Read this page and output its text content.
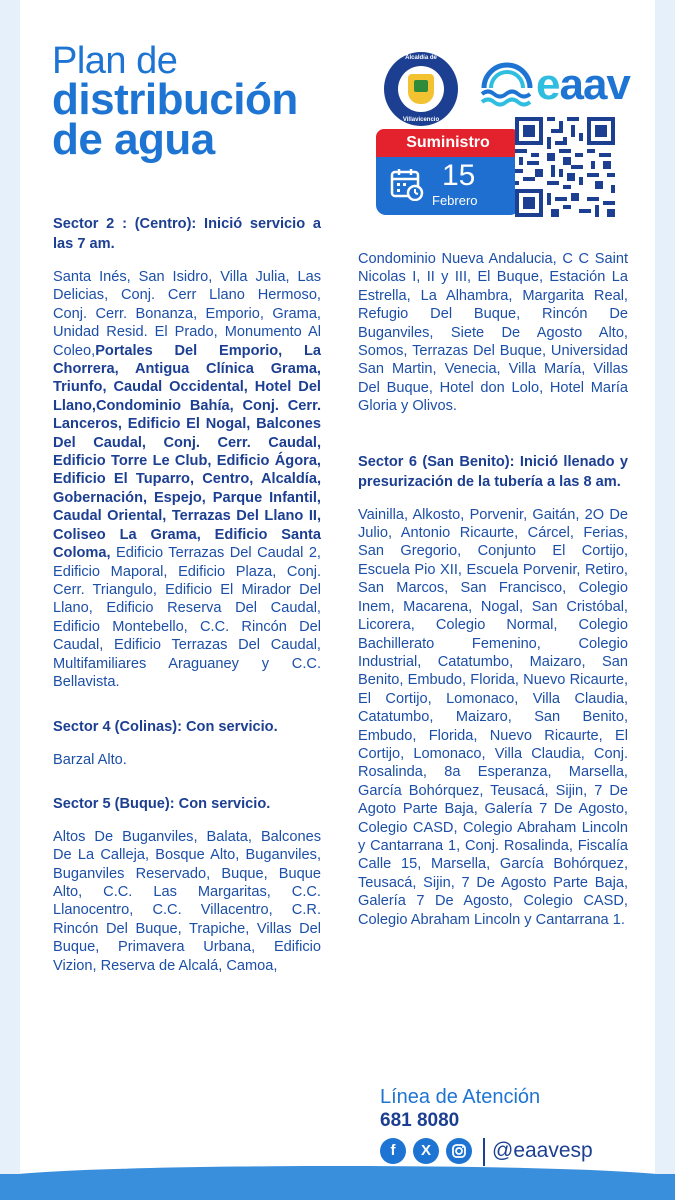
Plan de
distribución
de agua
Alcaldía de
Villavicencio
eaav
Suministro
15
Febrero
Sector 2 : (Centro): Inició servicio a las 7 am.

Santa Inés, San Isidro, Villa Julia, Las Delicias, Conj. Cerr Llano Hermoso, Conj. Cerr. Bonanza, Emporio, Grama, Unidad Resid. El Prado, Monumento Al Coleo,Portales Del Emporio, La Chorrera, Antigua Clínica Grama, Triunfo, Caudal Occidental, Hotel Del Llano,Condominio Bahía, Conj. Cerr. Lanceros, Edificio El Nogal, Balcones Del Caudal, Conj. Cerr. Caudal, Edificio Torre Le Club, Edificio Ágora, Edificio El Tuparro, Centro, Alcaldía, Gobernación, Espejo, Parque Infantil, Caudal Oriental, Terrazas Del Llano II, Coliseo La Grama, Edificio Santa Coloma, Edificio Terrazas Del Caudal 2, Edificio Maporal, Edificio Plaza, Conj. Cerr. Triangulo, Edificio El Mirador Del Llano, Edificio Reserva Del Caudal, Edificio Montebello, C.C. Rincón Del Caudal, Edificio Terrazas Del Caudal, Multifamiliares Araguaney y C.C. Bellavista.

Sector 4 (Colinas): Con servicio.

Barzal Alto.

Sector 5 (Buque): Con servicio.

Altos De Buganviles, Balata, Balcones De La Calleja, Bosque Alto, Buganviles, Buganviles Reservado, Buque, Buque Alto, C.C. Las Margaritas, C.C. Llanocentro, C.C. Villacentro, C.R. Rincón Del Buque, Trapiche, Villas Del Buque, Primavera Urbana, Edificio Vizion, Reserva de Alcalá, Camoa,

Condominio Nueva Andalucia, C C Saint Nicolas I, II y III, El Buque, Estación La Estrella, La Alhambra, Margarita Real, Refugio Del Buque, Rincón De Buganviles, Siete De Agosto Alto, Somos, Terrazas Del Buque, Universidad San Martin, Venecia, Villa María, Villas Del Buque, Hotel don Lolo, Hotel María Gloria y Olivos.

Sector 6 (San Benito): Inició llenado y presurización de la tubería a las 8 am.

Vainilla, Alkosto, Porvenir, Gaitán, 2O De Julio, Antonio Ricaurte, Cárcel, Ferias, San Gregorio, Conjunto El Cortijo, Escuela Pio XII, Escuela Porvenir, Retiro, San Marcos, San Francisco, Colegio Inem, Macarena, Nogal, San Cristóbal, Licorera, Colegio Normal, Colegio Bachillerato Femenino, Colegio Industrial, Catatumbo, Maizaro, San Benito, Embudo, Florida, Nuevo Ricaurte, El Cortijo, Lomonaco, Villa Claudia, Catatumbo, Maizaro, San Benito, Embudo, Florida, Nuevo Ricaurte, El Cortijo, Lomonaco, Villa Claudia, Conj. Rosalinda, 8a Esperanza, Marsella, García Bohórquez, Teusacá, Sijin, 7 De Agoto Parte Baja, Galería 7 De Agosto, Colegio CASD, Colegio Abraham Lincoln y Cantarrana 1, Conj. Rosalinda, Fiscalía Calle 15, Marsella, García Bohórquez, Teusacá, Sijin, 7 De Agosto Parte Baja, Galería 7 De Agosto, Colegio CASD, Colegio Abraham Lincoln y Cantarrana 1.

Línea de Atención
681 8080
f	X	@eaavesp
